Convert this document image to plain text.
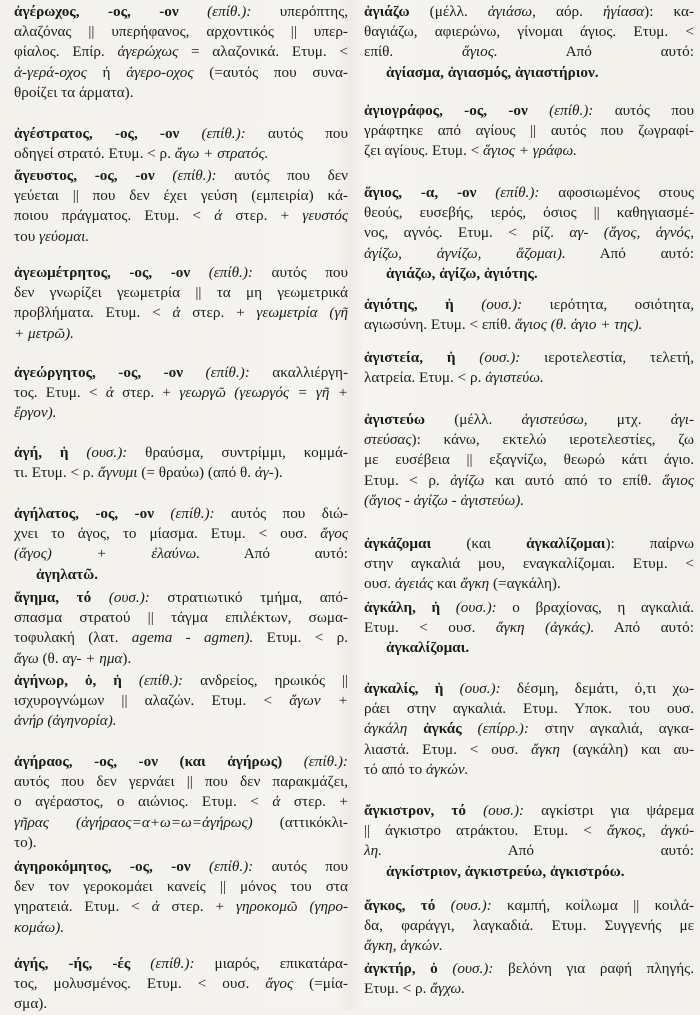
ἀγέρωχος, -ος, -ον (επίθ.): υπερόπτης,
αλαζόνας || υπερήφανος, αρχοντικός || υπερ-
φίαλος. Επίρ. ἀγερώχως = αλαζονικά. Ετυμ. <
ἀ-γερά-οχος ή ἀγερο-οχος (=αυτός που συνα-
θροίζει τα άρματα).
ἀγέστρατος, -ος, -ον (επίθ.): αυτός που
οδηγεί στρατό. Ετυμ. < ρ. ἄγω + στρατός.
ἄγευστος, -ος, -ον (επίθ.): αυτός που δεν
γεύεται || που δεν έχει γεύση (εμπειρία) κά-
ποιου πράγματος. Ετυμ. < ἀ στερ. + γευστός
του γεύομαι.
ἀγεωμέτρητος, -ος, -ον (επίθ.): αυτός που
δεν γνωρίζει γεωμετρία || τα μη γεωμετρικά
προβλήματα. Ετυμ. < ἀ στερ. + γεωμετρία (γῆ
+ μετρῶ).
ἀγεώργητος, -ος, -ον (επίθ.): ακαλλιέργη-
τος. Ετυμ. < ἀ στερ. + γεωργῶ (γεωργός = γῆ +
ἔργον).
ἀγή, ἡ (ουσ.): θραύσμα, συντρίμμι, κομμά-
τι. Ετυμ. < ρ. ἄγνυμι (= θραύω) (από θ. ἀγ-).
ἀγήλατος, -ος, -ον (επίθ.): αυτός που διώ-
χνει το άγος, το μίασμα. Ετυμ. < ουσ. ἄγος
(ἅγος) + ἐλαύνω. Από αυτό:
ἀγηλατῶ.
ἄγημα, τό (ουσ.): στρατιωτικό τμήμα, από-
σπασμα στρατού || τάγμα επιλέκτων, σωμα-
τοφυλακή (λατ. agema - agmen). Ετυμ. < ρ.
ἄγω (θ. αγ- + ημα).
ἀγήνωρ, ὁ, ἡ (επίθ.): ανδρείος, ηρωικός ||
ισχυρογνώμων || αλαζών. Ετυμ. < ἄγων +
ἀνήρ (ἀγηνορία).
ἀγήραος, -ος, -ον (και ἀγήρως) (επίθ.):
αυτός που δεν γερνάει || που δεν παρακμάζει,
ο αγέραστος, ο αιώνιος. Ετυμ. < ἀ στερ. +
γῆρας (ἀγήραος=α+ω=ω=ἀγήρως) (αττικόκλι-
το).
ἀγηροκόμητος, -ος, -ον (επίθ.): αυτός που
δεν τον γεροκομάει κανείς || μόνος του στα
γηρατειά. Ετυμ. < ἀ στερ. + γηροκομῶ (γηρο-
κομάω).
ἀγής, -ής, -ές (επίθ.): μιαρός, επικατάρα-
τος, μολυσμένος. Ετυμ. < ουσ. ἄγος (=μία-
σμα).
ἁγιάζω (μέλλ. ἁγιάσω, αόρ. ἡγίασα): κα-
θαγιάζω, αφιερώνω, γίνομαι άγιος. Ετυμ. <
επίθ. ἅγιος. Από αυτό:
ἁγίασμα, ἁγιασμός, ἁγιαστήριον.
ἁγιογράφος, -ος, -ον (επίθ.): αυτός που
γράφτηκε από αγίους || αυτός που ζωγραφί-
ζει αγίους. Ετυμ. < ἅγιος + γράφω.
ἅγιος, -α, -ον (επίθ.): αφοσιωμένος στους
θεούς, ευσεβής, ιερός, όσιος || καθηγιασμέ-
νος, αγνός. Ετυμ. < ρίζ. αγ- (ἅγος, ἁγνός,
ἁγίζω, ἁγνίζω, ἅζομαι). Από αυτό:
ἁγιάζω, ἁγίζω, ἁγιότης.
ἁγιότης, ἡ (ουσ.): ιερότητα, οσιότητα,
αγιωσύνη. Ετυμ. < επίθ. ἅγιος (θ. ἁγιο + της).
ἁγιστεία, ἡ (ουσ.): ιεροτελεστία, τελετή,
λατρεία. Ετυμ. < ρ. ἁγιστεύω.
ἁγιστεύω (μέλλ. ἁγιστεύσω, μτχ. ἁγι-
στεύσας): κάνω, εκτελώ ιεροτελεστίες, ζω
με ευσέβεια || εξαγνίζω, θεωρώ κάτι άγιο.
Ετυμ. < ρ. ἁγίζω και αυτό από το επίθ. ἅγιος
(ἅγιος - ἁγίζω - ἁγιστεύω).
ἀγκάζομαι (και ἀγκαλίζομαι): παίρνω
στην αγκαλιά μου, εναγκαλίζομαι. Ετυμ. <
ουσ. ἀγειάς και ἄγκη (=αγκάλη).
ἀγκάλη, ἡ (ουσ.): ο βραχίονας, η αγκαλιά.
Ετυμ. < ουσ. ἄγκη (ἀγκάς). Από αυτό:
ἀγκαλίζομαι.
ἀγκαλίς, ἡ (ουσ.): δέσμη, δεμάτι, ό,τι χω-
ράει στην αγκαλιά. Ετυμ. Υποκ. του ουσ.
ἀγκάλη ἀγκάς (επίρρ.): στην αγκαλιά, αγκα-
λιαστά. Ετυμ. < ουσ. ἄγκη (αγκάλη) και αυ-
τό από το ἀγκών.
ἄγκιστρον, τό (ουσ.): αγκίστρι για ψάρεμα
|| άγκιστρο ατράκτου. Ετυμ. < ἄγκος, ἀγκύ-
λη. Από αυτό:
ἀγκίστριον, ἀγκιστρεύω, ἀγκιστρόω.
ἄγκος, τό (ουσ.): καμπή, κοίλωμα || κοιλά-
δα, φαράγγι, λαγκαδιά. Ετυμ. Συγγενής με
ἄγκη, ἀγκών.
ἀγκτήρ, ὁ (ουσ.): βελόνη για ραφή πληγής.
Ετυμ. < ρ. ἄγχω.
